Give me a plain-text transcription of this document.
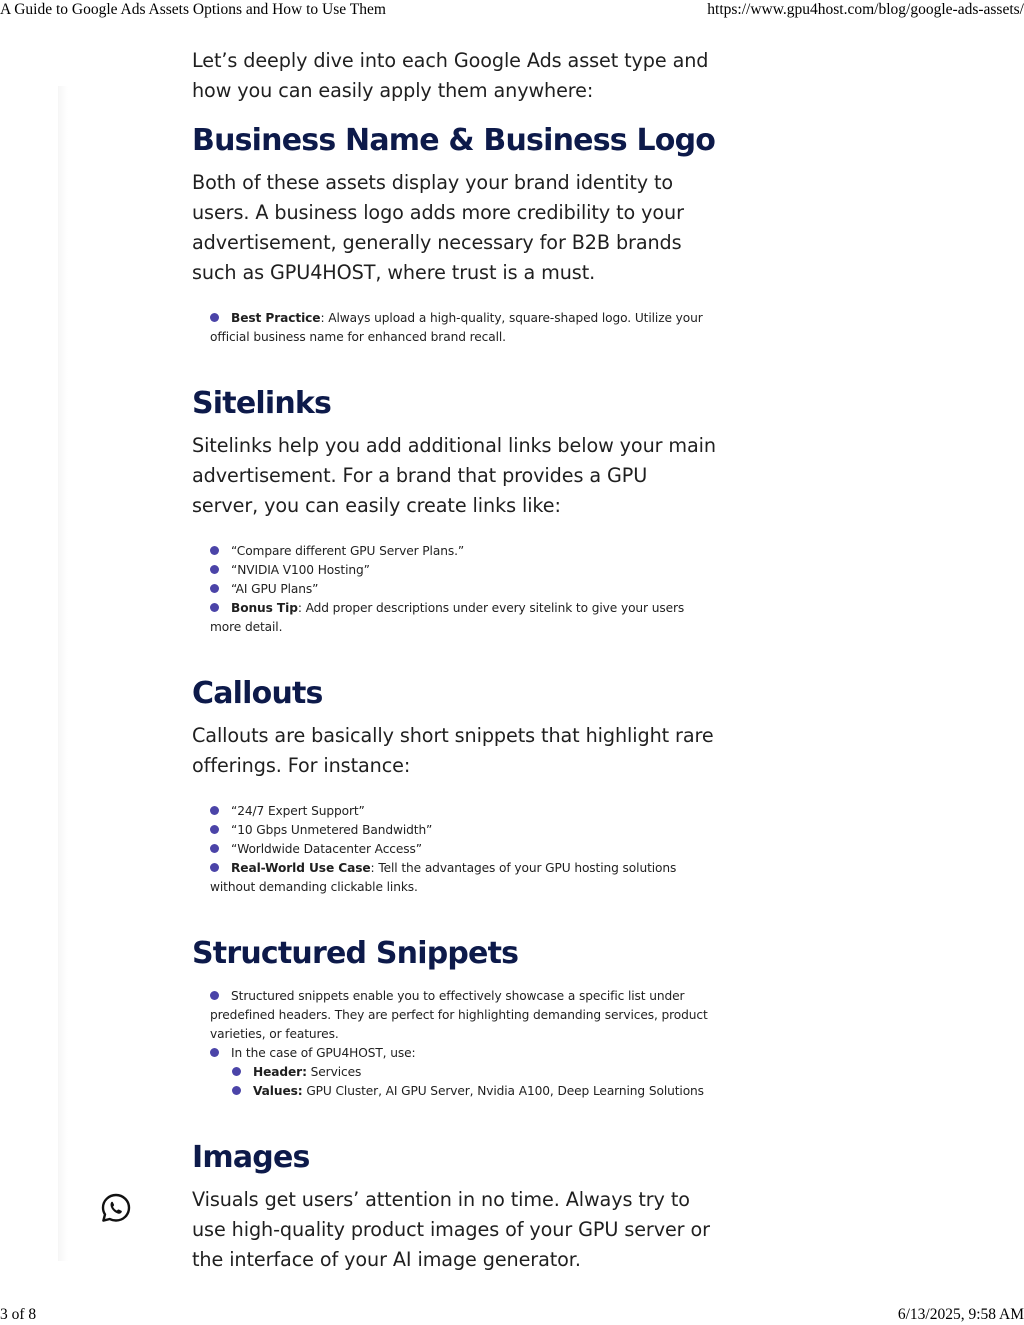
A Guide to Google Ads Assets Options and How to Use Them	https://www.gpu4host.com/blog/google-ads-assets/

Let’s deeply dive into each Google Ads asset type and how you can easily apply them anywhere:

Business Name & Business Logo

Both of these assets display your brand identity to users. A business logo adds more credibility to your advertisement, generally necessary for B2B brands such as GPU4HOST, where trust is a must.

Best Practice: Always upload a high-quality, square-shaped logo. Utilize your official business name for enhanced brand recall.
Sitelinks

Sitelinks help you add additional links below your main advertisement. For a brand that provides a GPU server, you can easily create links like:

“Compare different GPU Server Plans.”
“NVIDIA V100 Hosting”
“AI GPU Plans”
Bonus Tip: Add proper descriptions under every sitelink to give your users more detail.
Callouts

Callouts are basically short snippets that highlight rare offerings. For instance:

“24/7 Expert Support”
“10 Gbps Unmetered Bandwidth”
“Worldwide Datacenter Access”
Real-World Use Case: Tell the advantages of your GPU hosting solutions without demanding clickable links.
Structured Snippets
Structured snippets enable you to effectively showcase a specific list under predefined headers. They are perfect for highlighting demanding services, product varieties, or features.
In the case of GPU4HOST, use:
Header: Services
Values: GPU Cluster, AI GPU Server, Nvidia A100, Deep Learning Solutions
Images

Visuals get users’ attention in no time. Always try to use high-quality product images of your GPU server or the interface of your AI image generator.

3 of 8	6/13/2025, 9:58 AM
